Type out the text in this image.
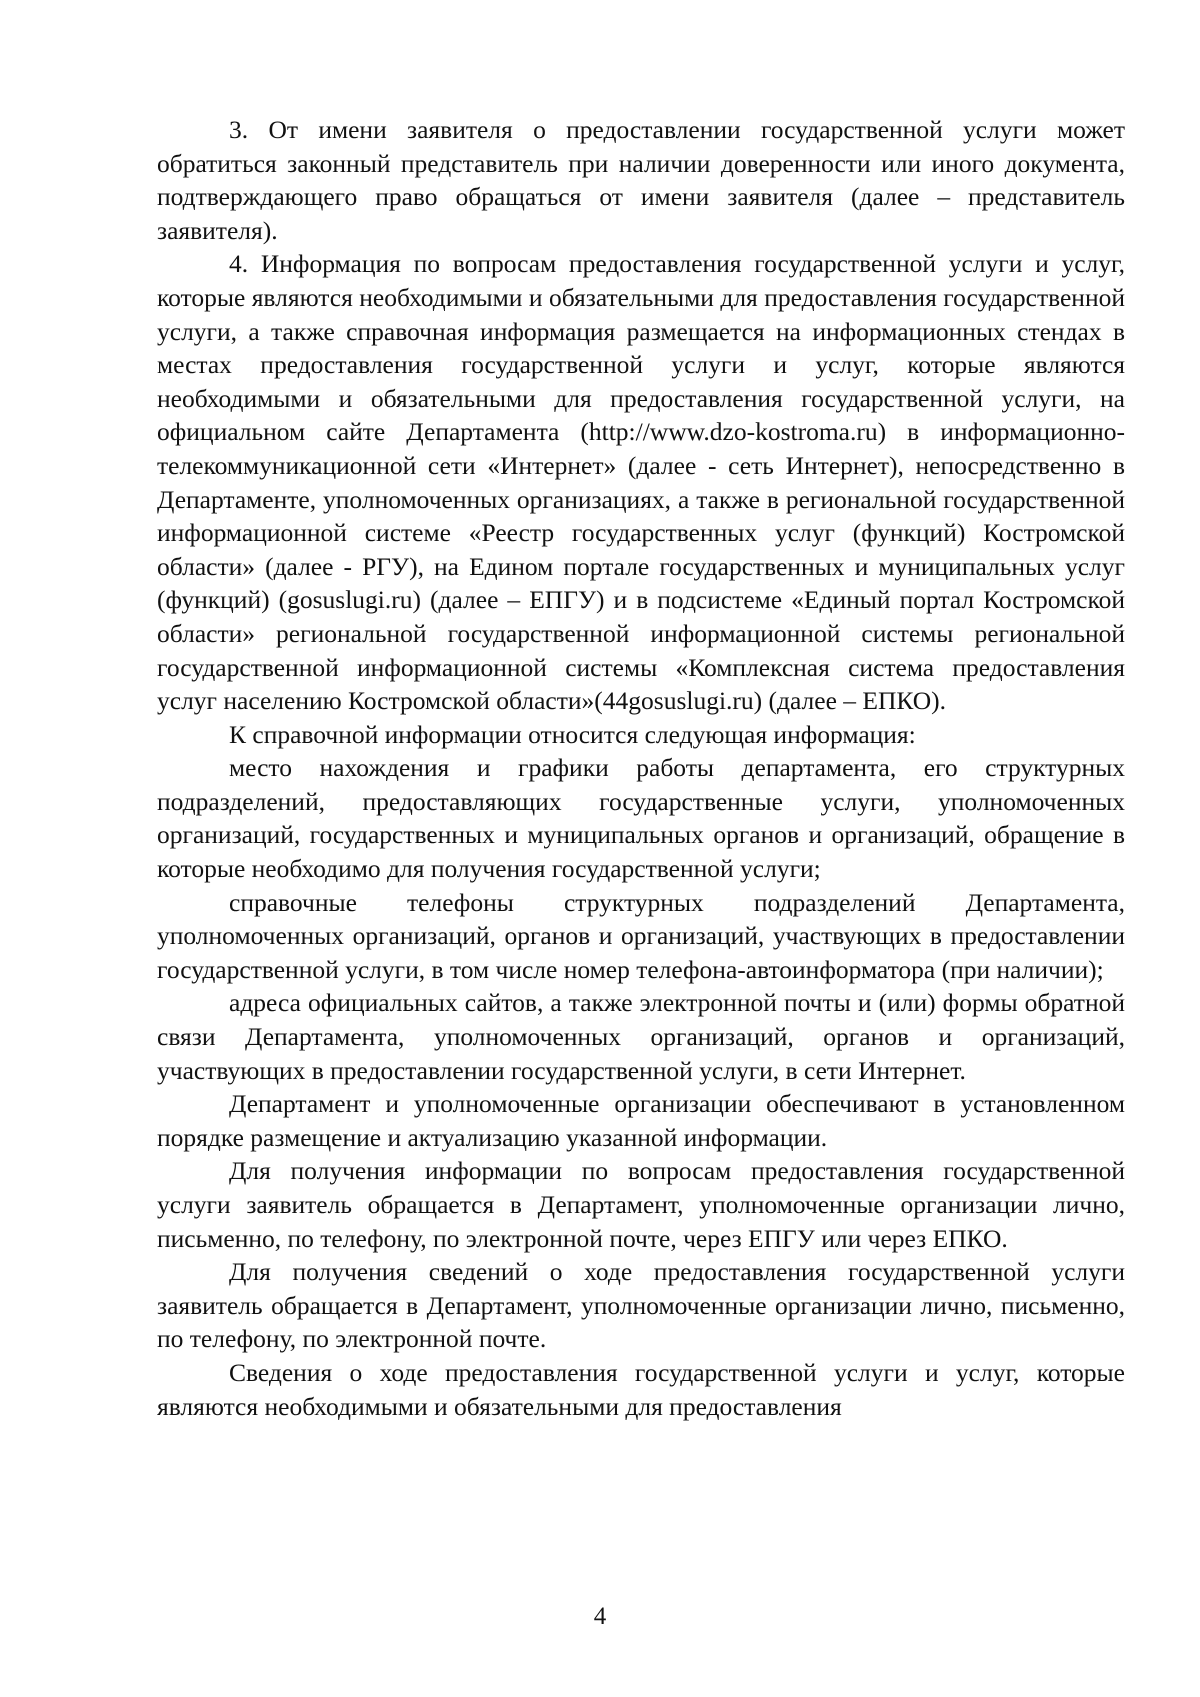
3. От имени заявителя о предоставлении государственной услуги может обратиться законный представитель при наличии доверенности или иного документа, подтверждающего право обращаться от имени заявителя (далее – представитель заявителя).

4. Информация по вопросам предоставления государственной услуги и услуг, которые являются необходимыми и обязательными для предоставления государственной услуги, а также справочная информация размещается на информационных стендах в местах предоставления государственной услуги и услуг, которые являются необходимыми и обязательными для предоставления государственной услуги, на официальном сайте Департамента (http://www.dzo-kostroma.ru) в информационно-телекоммуникационной сети «Интернет» (далее - сеть Интернет), непосредственно в Департаменте, уполномоченных организациях, а также в региональной государственной информационной системе «Реестр государственных услуг (функций) Костромской области» (далее - РГУ), на Едином портале государственных и муниципальных услуг (функций) (gosuslugi.ru) (далее – ЕПГУ) и в подсистеме «Единый портал Костромской области» региональной государственной информационной системы региональной государственной информационной системы «Комплексная система предоставления услуг населению Костромской области»(44gosuslugi.ru) (далее – ЕПКО).

К справочной информации относится следующая информация:

место нахождения и графики работы департамента, его структурных подразделений, предоставляющих государственные услуги, уполномоченных организаций, государственных и муниципальных органов и организаций, обращение в которые необходимо для получения государственной услуги;

справочные телефоны структурных подразделений Департамента, уполномоченных организаций, органов и организаций, участвующих в предоставлении государственной услуги, в том числе номер телефона-автоинформатора (при наличии);

адреса официальных сайтов, а также электронной почты и (или) формы обратной связи Департамента, уполномоченных организаций, органов и организаций, участвующих в предоставлении государственной услуги, в сети Интернет.

Департамент и уполномоченные организации обеспечивают в установленном порядке размещение и актуализацию указанной информации.

Для получения информации по вопросам предоставления государственной услуги заявитель обращается в Департамент, уполномоченные организации лично, письменно, по телефону, по электронной почте, через ЕПГУ или через ЕПКО.

Для получения сведений о ходе предоставления государственной услуги заявитель обращается в Департамент, уполномоченные организации лично, письменно, по телефону, по электронной почте.

Сведения о ходе предоставления государственной услуги и услуг, которые являются необходимыми и обязательными для предоставления

4
